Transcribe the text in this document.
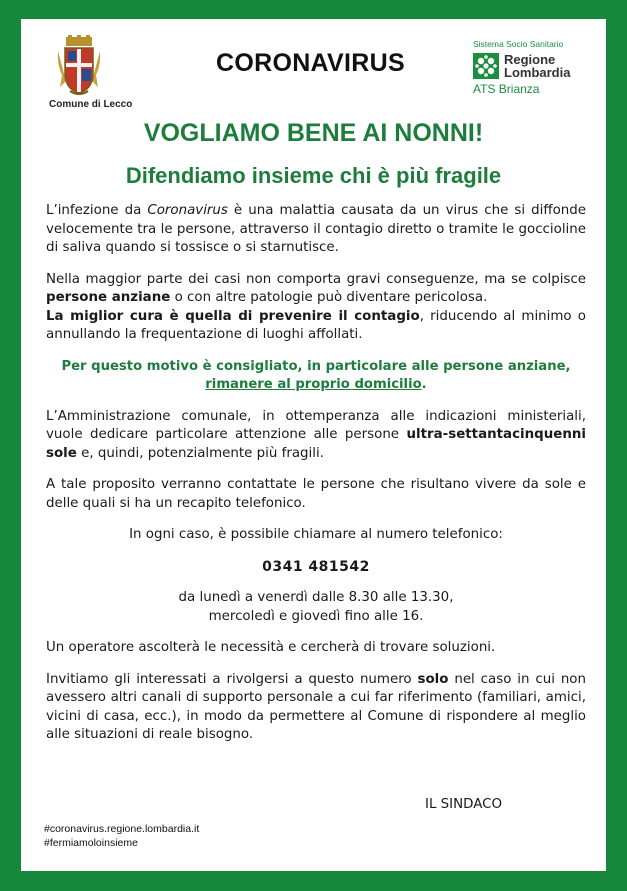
Comune di Lecco
CORONAVIRUS
Sistema Socio Sanitario
Regione
Lombardia
ATS Brianza
VOGLIAMO BENE AI NONNI!
Difendiamo insieme chi è più fragile

L’infezione da Coronavirus è una malattia causata da un virus che si diffonde velocemente tra le persone, attraverso il contagio diretto o tramite le goccioline di saliva quando si tossisce o si starnutisce.

Nella maggior parte dei casi non comporta gravi conseguenze, ma se colpisce persone anziane o con altre patologie può diventare pericolosa.

La miglior cura è quella di prevenire il contagio, riducendo al minimo o annullando la frequentazione di luoghi affollati.

Per questo motivo è consigliato, in particolare alle persone anziane, rimanere al proprio domicilio.

L’Amministrazione comunale, in ottemperanza alle indicazioni ministeriali, vuole dedicare particolare attenzione alle persone ultra-settantacinquenni sole e, quindi, potenzialmente più fragili.

A tale proposito verranno contattate le persone che risultano vivere da sole e delle quali si ha un recapito telefonico.

In ogni caso, è possibile chiamare al numero telefonico:

0341 481542

da lunedì a venerdì dalle 8.30 alle 13.30,
mercoledì e giovedì fino alle 16.

Un operatore ascolterà le necessità e cercherà di trovare soluzioni.

Invitiamo gli interessati a rivolgersi a questo numero solo nel caso in cui non avessero altri canali di supporto personale a cui far riferimento (familiari, amici, vicini di casa, ecc.), in modo da permettere al Comune di rispondere al meglio alle situazioni di reale bisogno.

IL SINDACO
#coronavirus.regione.lombardia.it
#fermiamoloinsieme
